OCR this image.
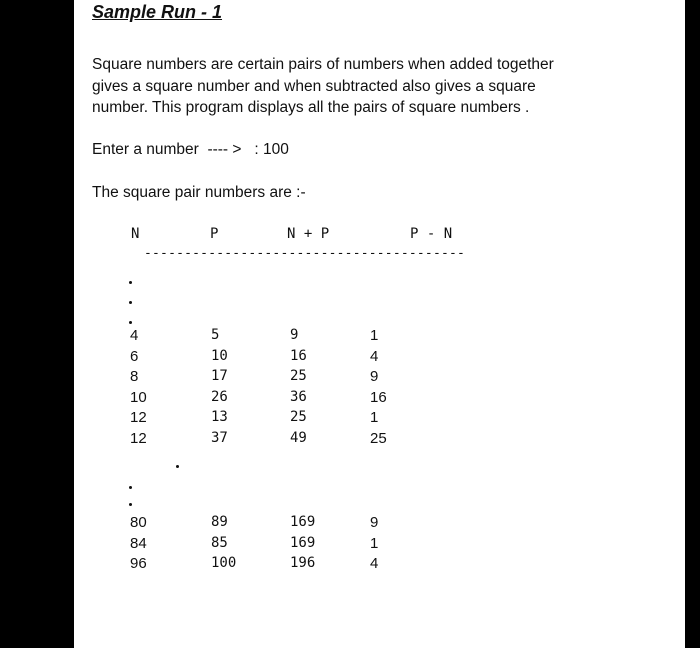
Sample Run - 1
Square numbers are certain pairs of numbers when added together
gives a square number and when subtracted also gives a square
number. This program displays all the pairs of square numbers .
Enter a number  ---- >   : 100
The square pair numbers are :-
N	P	N + P	P - N
----------------------------------------
4	5	9	1
6	10	16	4
8	17	25	9
10	26	36	16
12	13	25	1
12	37	49	25
80	89	169	9
84	85	169	1
96	100	196	4
